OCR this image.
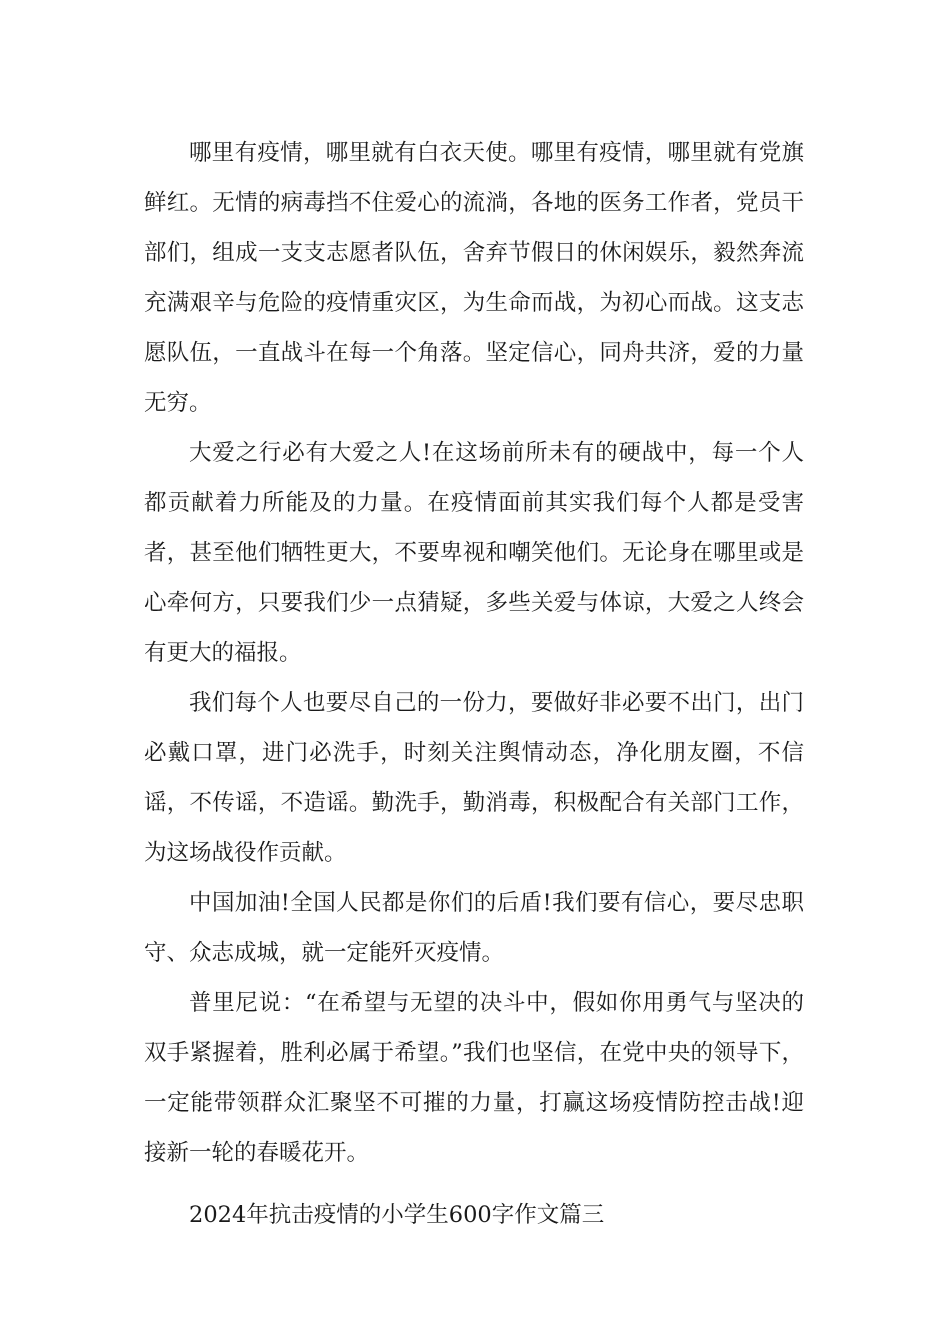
哪里有疫情，哪里就有白衣天使。哪里有疫情，哪里就有党旗鲜红。无情的病毒挡不住爱心的流淌，各地的医务工作者，党员干部们，组成一支支志愿者队伍，舍弃节假日的休闲娱乐，毅然奔流充满艰辛与危险的疫情重灾区，为生命而战，为初心而战。这支志愿队伍，一直战斗在每一个角落。坚定信心，同舟共济，爱的力量无穷。

大爱之行必有大爱之人!在这场前所未有的硬战中，每一个人都贡献着力所能及的力量。在疫情面前其实我们每个人都是受害者，甚至他们牺牲更大，不要卑视和嘲笑他们。无论身在哪里或是心牵何方，只要我们少一点猜疑，多些关爱与体谅，大爱之人终会有更大的福报。

我们每个人也要尽自己的一份力，要做好非必要不出门，出门必戴口罩，进门必洗手，时刻关注舆情动态，净化朋友圈，不信谣，不传谣，不造谣。勤洗手，勤消毒，积极配合有关部门工作，为这场战役作贡献。

中国加油!全国人民都是你们的后盾!我们要有信心，要尽忠职守、众志成城，就一定能歼灭疫情。

普里尼说：“在希望与无望的决斗中，假如你用勇气与坚决的双手紧握着，胜利必属于希望。”我们也坚信，在党中央的领导下，一定能带领群众汇聚坚不可摧的力量，打赢这场疫情防控击战!迎接新一轮的春暖花开。

2024年抗击疫情的小学生600字作文篇三
